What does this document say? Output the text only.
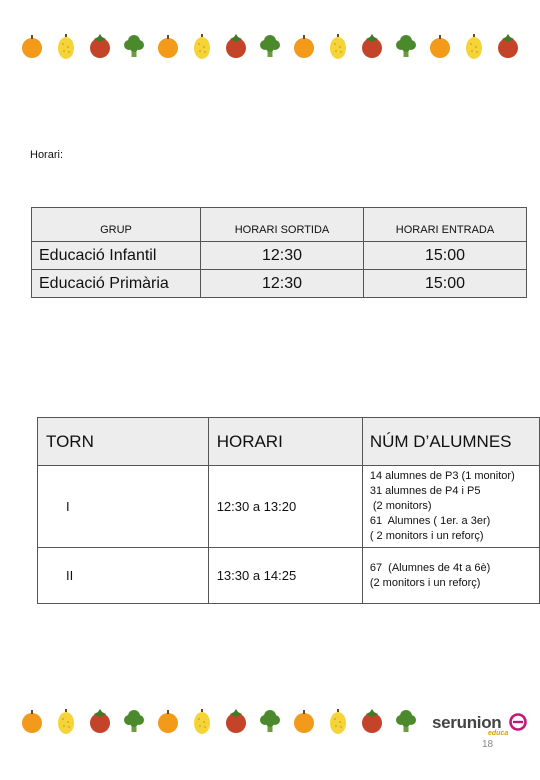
Horari:
GRUP	HORARI SORTIDA	HORARI ENTRADA
Educació Infantil	12:30	15:00
Educació Primària	12:30	15:00
TORN	HORARI	NÚM D’ALUMNES
I	12:30 a 13:20	14 alumnes de P3 (1 monitor)
31 alumnes de P4 i P5
(2 monitors)
61  Alumnes ( 1er. a 3er)
( 2 monitors i un reforç)

II	13:30 a 14:25	67  (Alumnes de 4t a 6è)
(2 monitors i un reforç)
serunion
educa
18
